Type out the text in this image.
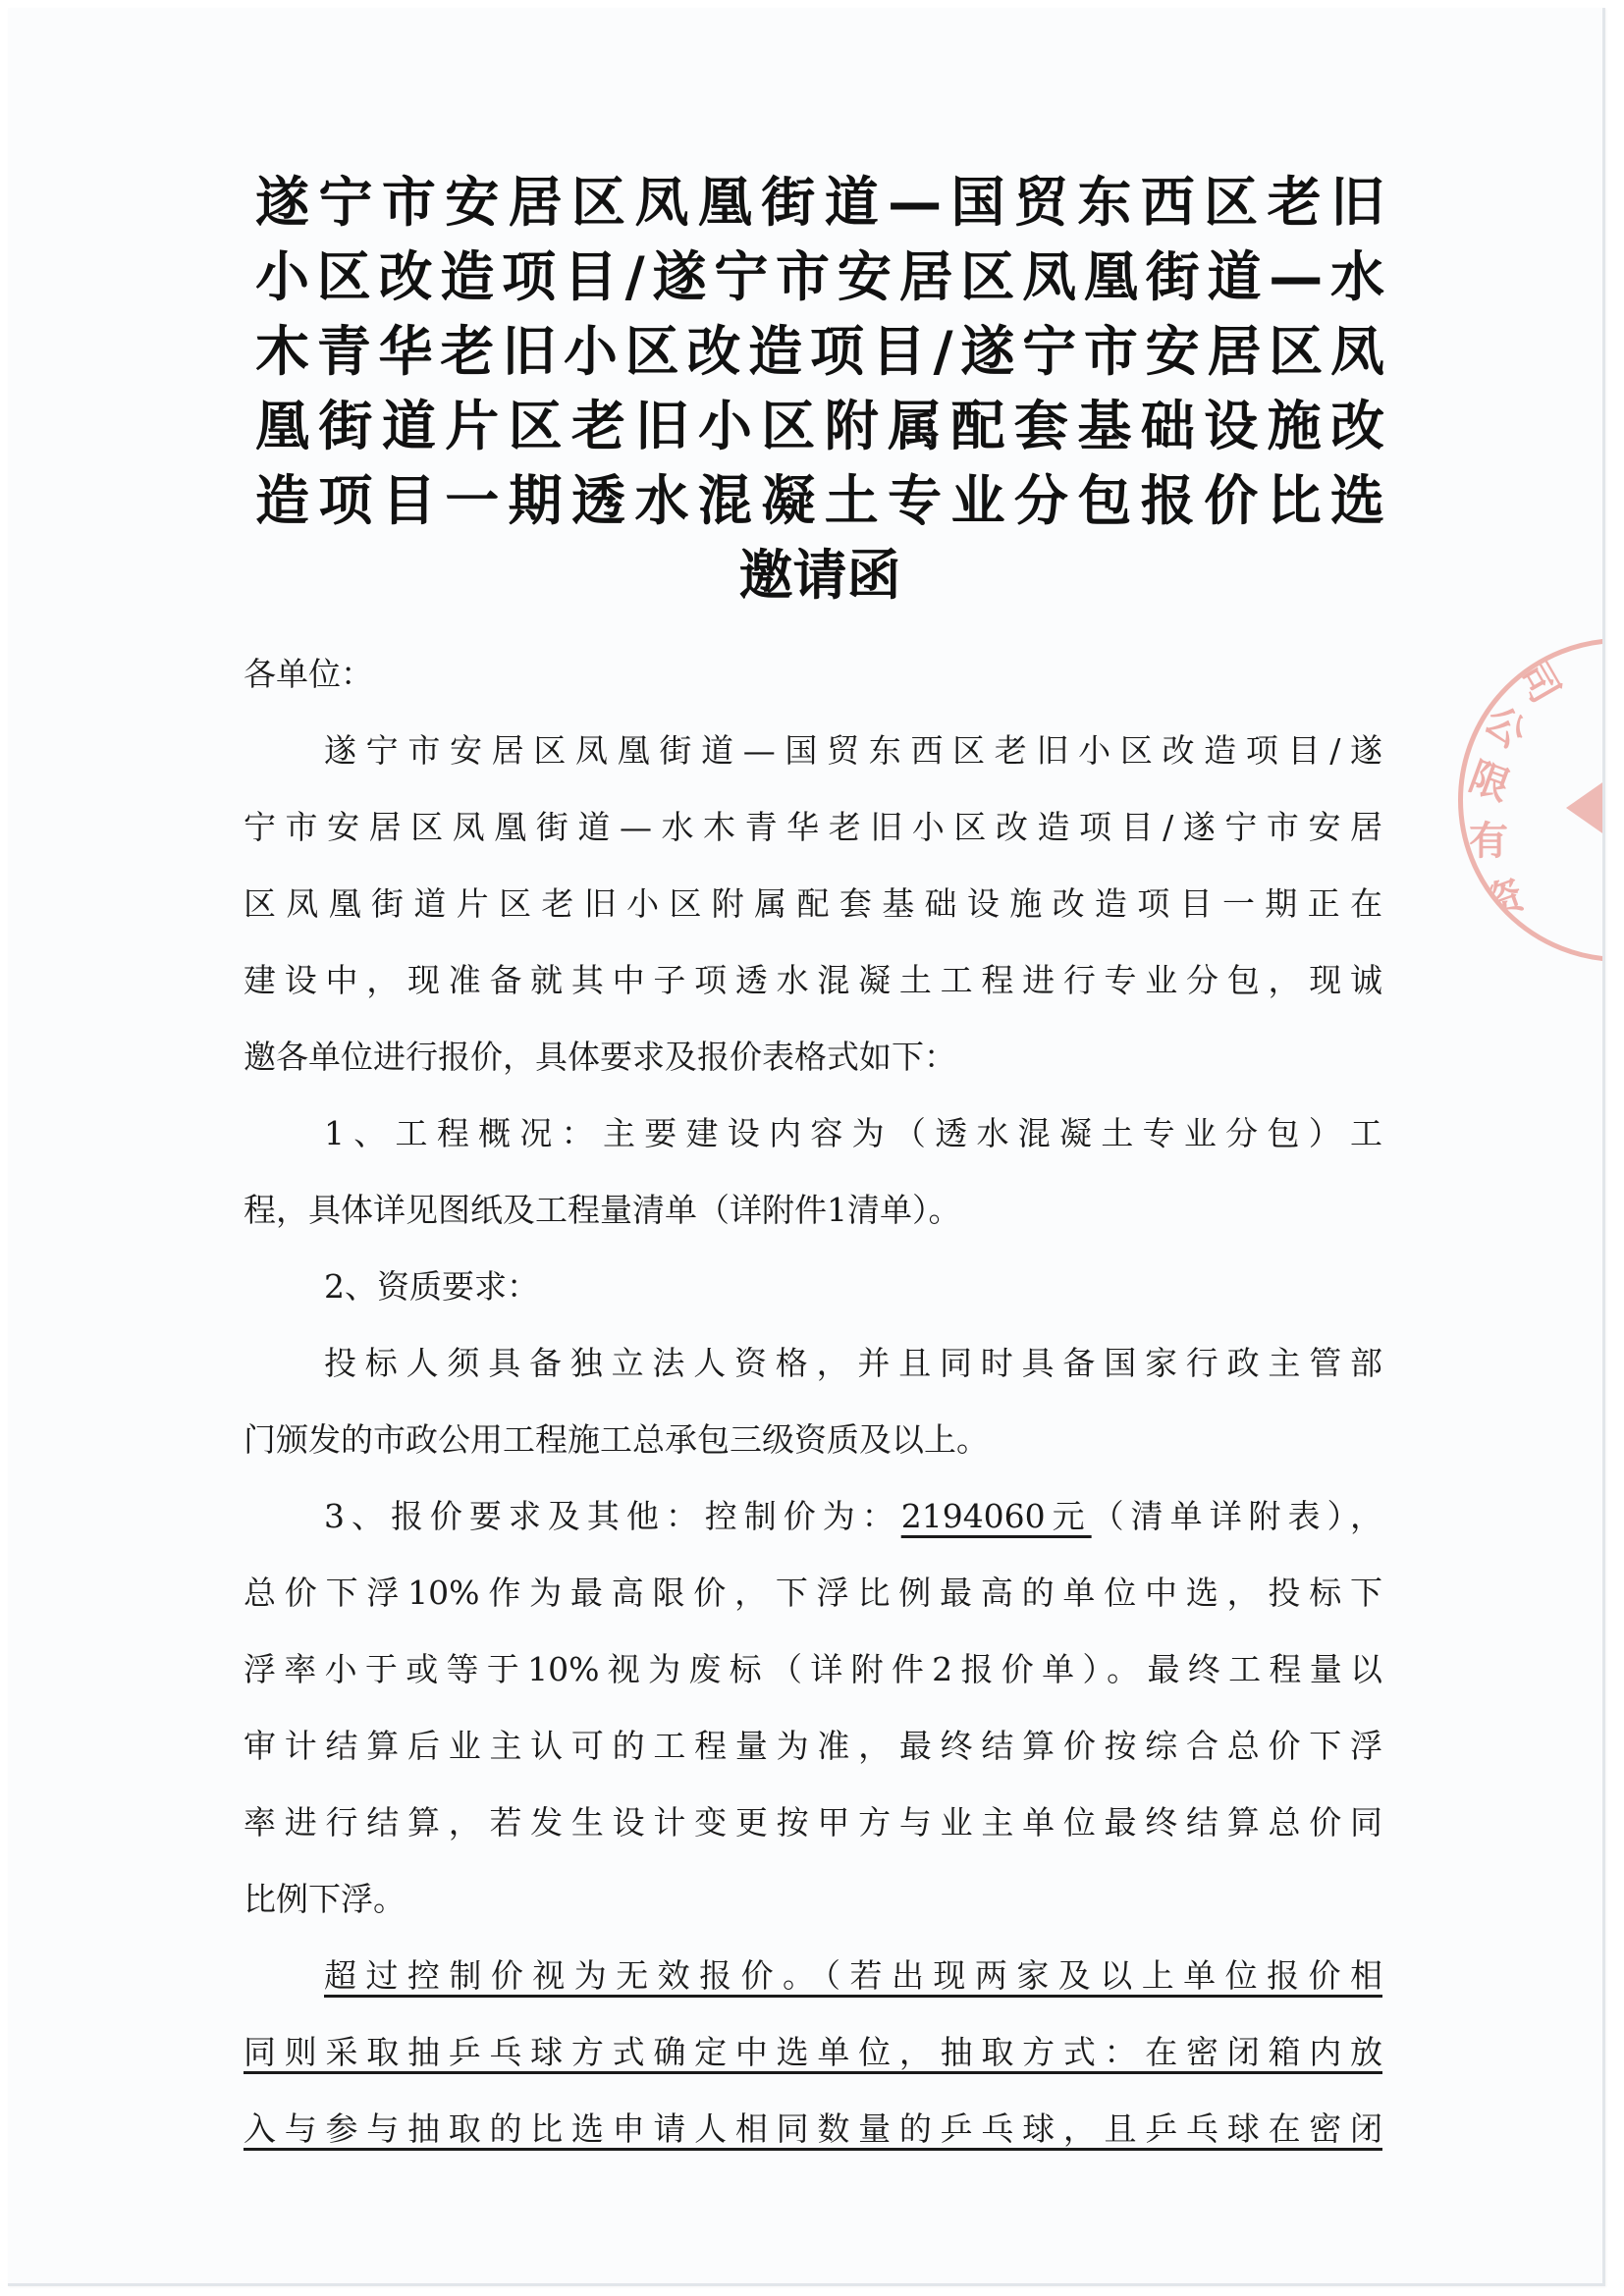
遂宁市安居区凤凰街道—国贸东西区老旧
小区改造项目/遂宁市安居区凤凰街道—水
木青华老旧小区改造项目/遂宁市安居区凤
凰街道片区老旧小区附属配套基础设施改
造项目一期透水混凝土专业分包报价比选
邀请函
各单位：
遂宁市安居区凤凰街道—国贸东西区老旧小区改造项目/遂
宁市安居区凤凰街道—水木青华老旧小区改造项目/遂宁市安居
区凤凰街道片区老旧小区附属配套基础设施改造项目一期正在
建设中，现准备就其中子项透水混凝土工程进行专业分包，现诚
邀各单位进行报价，具体要求及报价表格式如下：
1、工程概况：主要建设内容为（透水混凝土专业分包）工
程，具体详见图纸及工程量清单（详附件1清单）。
2、资质要求：
投标人须具备独立法人资格，并且同时具备国家行政主管部
门颁发的市政公用工程施工总承包三级资质及以上。
3、报价要求及其他：控制价为：2194060元（清单详附表），
总价下浮10%作为最高限价，下浮比例最高的单位中选，投标下
浮率小于或等于10%视为废标（详附件2报价单）。最终工程量以
审计结算后业主认可的工程量为准，最终结算价按综合总价下浮
率进行结算，若发生设计变更按甲方与业主单位最终结算总价同
比例下浮。
超过控制价视为无效报价。（若出现两家及以上单位报价相
同则采取抽乒乓球方式确定中选单位，抽取方式：在密闭箱内放
入与参与抽取的比选申请人相同数量的乒乓球，且乒乓球在密闭
司
公
限
有
资
